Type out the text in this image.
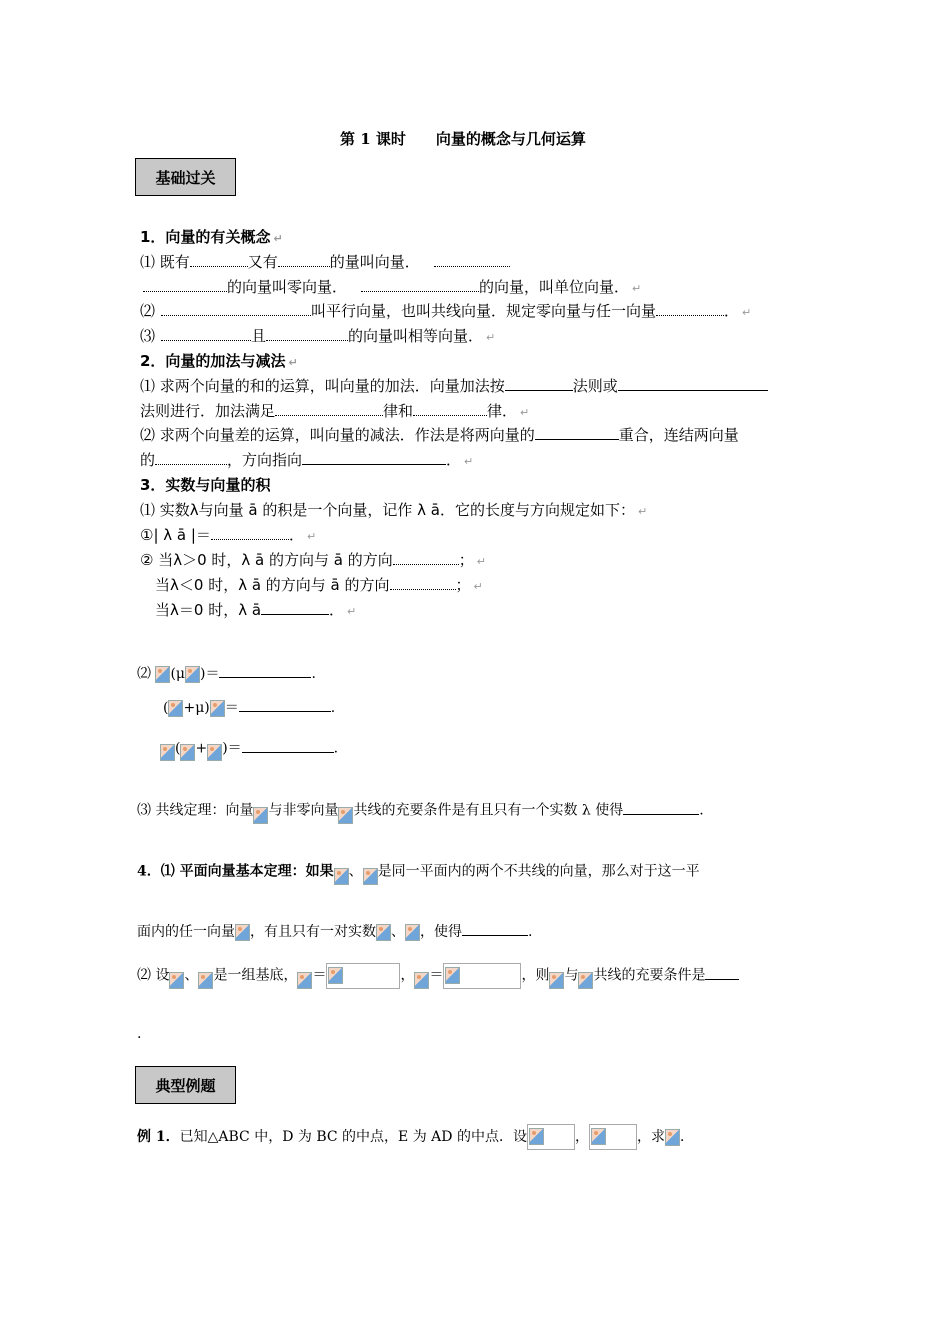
第 1 课时　　向量的概念与几何运算
基础过关
1．向量的有关概念 ↵
⑴ 既有	又有	的量叫向量．
的向量叫零向量．	的向量，叫单位向量． ↵
⑵	叫平行向量，也叫共线向量．规定零向量与任一向量	． ↵
⑶	且	的向量叫相等向量． ↵
2．向量的加法与减法 ↵
⑴ 求两个向量的和的运算，叫向量的加法．向量加法按	法则或
法则进行．加法满足	律和	律． ↵
⑵ 求两个向量差的运算，叫向量的减法．作法是将两向量的	重合，连结两向量
的	，方向指向	． ↵
3．实数与向量的积
⑴ 实数λ与向量 ā 的积是一个向量，记作 λ ā．它的长度与方向规定如下： ↵
①| λ ā |＝	． ↵
② 当λ＞0 时，λ ā 的方向与 ā 的方向	； ↵
　当λ＜0 时，λ ā 的方向与 ā 的方向	； ↵
　当λ＝0 时，λ ā	． ↵
⑵ (μ )＝	.
( +μ) ＝	.
( + )＝	.
⑶ 共线定理：向量 与非零向量 共线的充要条件是有且只有一个实数 λ 使得	.
4．⑴ 平面向量基本定理：如果 、 是同一平面内的两个不共线的向量，那么对于这一平
面内的任一向量 ，有且只有一对实数 、 ，使得	.
⑵ 设 、 是一组基底， ＝	， ＝	，则 与 共线的充要条件是
.
典型例题
例 1．已知△ABC 中，D 为 BC 的中点，E 为 AD 的中点．设	，	，求 ．
